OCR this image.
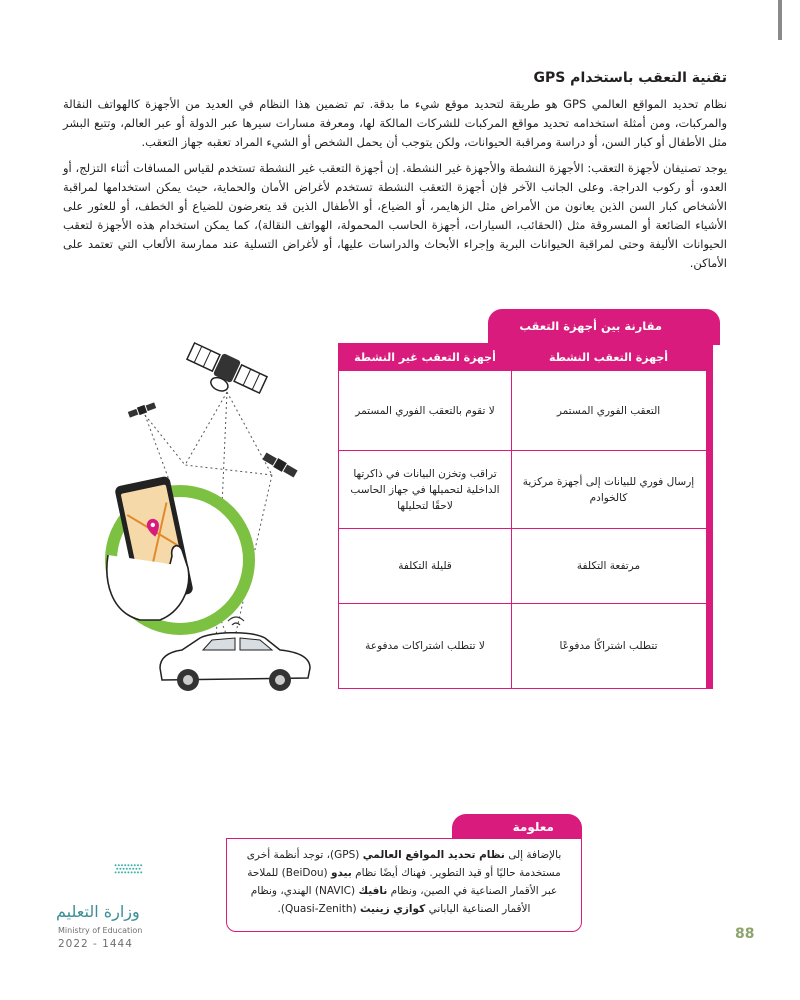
تقنية التعقب باستخدام GPS

نظام تحديد المواقع العالمي GPS هو طريقة لتحديد موقع شيء ما بدقة. تم تضمين هذا النظام في العديد من الأجهزة كالهواتف النقالة والمركبات، ومن أمثلة استخدامه تحديد مواقع المركبات للشركات المالكة لها، ومعرفة مسارات سيرها عبر الدولة أو عبر العالم، وتتبع البشر مثل الأطفال أو كبار السن، أو دراسة ومراقبة الحيوانات، ولكن يتوجب أن يحمل الشخص أو الشيء المراد تعقبه جهاز التعقب.

يوجد تصنيفان لأجهزة التعقب: الأجهزة النشطة والأجهزة غير النشطة. إن أجهزة التعقب غير النشطة تستخدم لقياس المسافات أثناء التزلج، أو العدو، أو ركوب الدراجة. وعلى الجانب الآخر فإن أجهزة التعقب النشطة تستخدم لأغراض الأمان والحماية، حيث يمكن استخدامها لمراقبة الأشخاص كبار السن الذين يعانون من الأمراض مثل الزهايمر، أو الضياع، أو الأطفال الذين قد يتعرضون للضياع أو الخطف، أو للعثور على الأشياء الضائعة أو المسروقة مثل (الحقائب، السيارات، أجهزة الحاسب المحمولة، الهواتف النقالة)، كما يمكن استخدام هذه الأجهزة لتعقب الحيوانات الأليفة وحتى لمراقبة الحيوانات البرية وإجراء الأبحاث والدراسات عليها، أو لأغراض التسلية عند ممارسة الألعاب التي تعتمد على الأماكن.

مقارنة بين أجهزة التعقب
أجهزة التعقب النشطة
أجهزة التعقب غير النشطة
التعقب الفوري المستمر
لا تقوم بالتعقب الفوري المستمر
إرسال فوري للبيانات إلى أجهزة مركزية كالخوادم
تراقب وتخزن البيانات في ذاكرتها الداخلية لتحميلها في جهاز الحاسب لاحقًا لتحليلها
مرتفعة التكلفة
قليلة التكلفة
تتطلب اشتراكًا مدفوعًا
لا تتطلب اشتراكات مدفوعة
معلومة
بالإضافة إلى نظام تحديد المواقع العالمي (GPS)، توجد أنظمة أخرى
مستخدمة حاليًا أو قيد التطوير. فهناك أيضًا نظام بيدو (BeiDou) للملاحة
عبر الأقمار الصناعية في الصين، ونظام نافيك (NAVIC) الهندي، ونظام
الأقمار الصناعية الياباني كوازي زينيث (Quasi-Zenith).
وزارة التعليم
Ministry of Education
2022 - 1444
88
